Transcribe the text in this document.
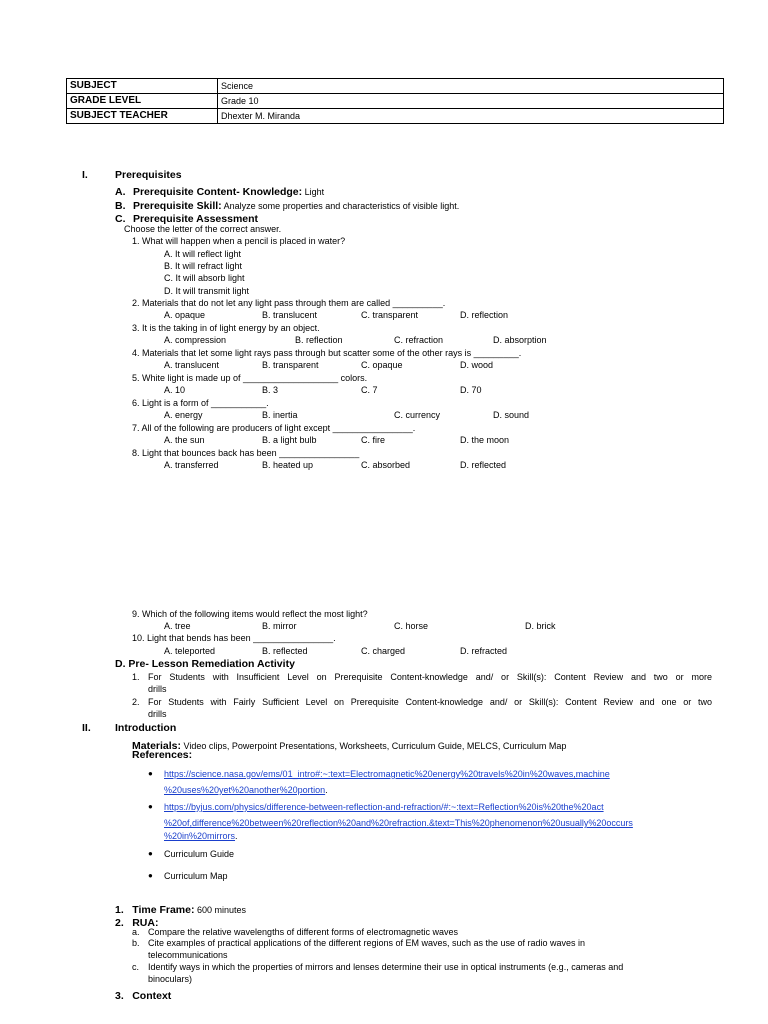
SUBJECT	Science
GRADE LEVEL	Grade 10
SUBJECT TEACHER	Dhexter M. Miranda
I.	Prerequisites
A. Prerequisite Content- Knowledge: Light
B. Prerequisite Skill: Analyze some properties and characteristics of visible light.
C. Prerequisite Assessment
Choose the letter of the correct answer.
1. What will happen when a pencil is placed in water?
A. It will reflect light
B. It will refract light
C. It will absorb light
D. It will transmit light
2. Materials that do not let any light pass through them are called __________.
A. opaque	B. translucent	C. transparent	D. reflection
3. It is the taking in of light energy by an object.
A. compression	B. reflection	C. refraction	D. absorption
4. Materials that let some light rays pass through but scatter some of the other rays is _________.
A. translucent	B. transparent	C. opaque	D. wood
5. White light is made up of ___________________ colors.
A. 10	B. 3	C. 7	D. 70
6. Light is a form of ___________.
A. energy	B. inertia	C. currency	D. sound
7. All of the following are producers of light except ________________.
A. the sun	B. a light bulb	C. fire	D. the moon
8. Light that bounces back has been ________________
A. transferred	B. heated up	C. absorbed	D. reflected
9. Which of the following items would reflect the most light?
A. tree	B. mirror	C. horse	D. brick
10. Light that bends has been ________________.
A. teleported	B. reflected	C. charged	D. refracted
D. Pre- Lesson Remediation Activity
1. For Students with Insufficient Level on Prerequisite Content-knowledge and/ or Skill(s): Content Review and two or more
drills
2. For Students with Fairly Sufficient Level on Prerequisite Content-knowledge and/ or Skill(s): Content Review and one or two
drills
II. Introduction
Materials: Video clips, Powerpoint Presentations, Worksheets, Curriculum Guide, MELCS, Curriculum Map
References:
● https://science.nasa.gov/ems/01_intro#:~:text=Electromagnetic%20energy%20travels%20in%20waves,machine
%20uses%20yet%20another%20portion.
● https://byjus.com/physics/difference-between-reflection-and-refraction/#:~:text=Reflection%20is%20the%20act
%20of,difference%20between%20reflection%20and%20refraction.&text=This%20phenomenon%20usually%20occurs
%20in%20mirrors.
● Curriculum Guide
● Curriculum Map
1. Time Frame: 600 minutes
2. RUA:
a. Compare the relative wavelengths of different forms of electromagnetic waves
b. Cite examples of practical applications of the different regions of EM waves, such as the use of radio waves in
telecommunications
c. Identify ways in which the properties of mirrors and lenses determine their use in optical instruments (e.g., cameras and
binoculars)
3. Context
